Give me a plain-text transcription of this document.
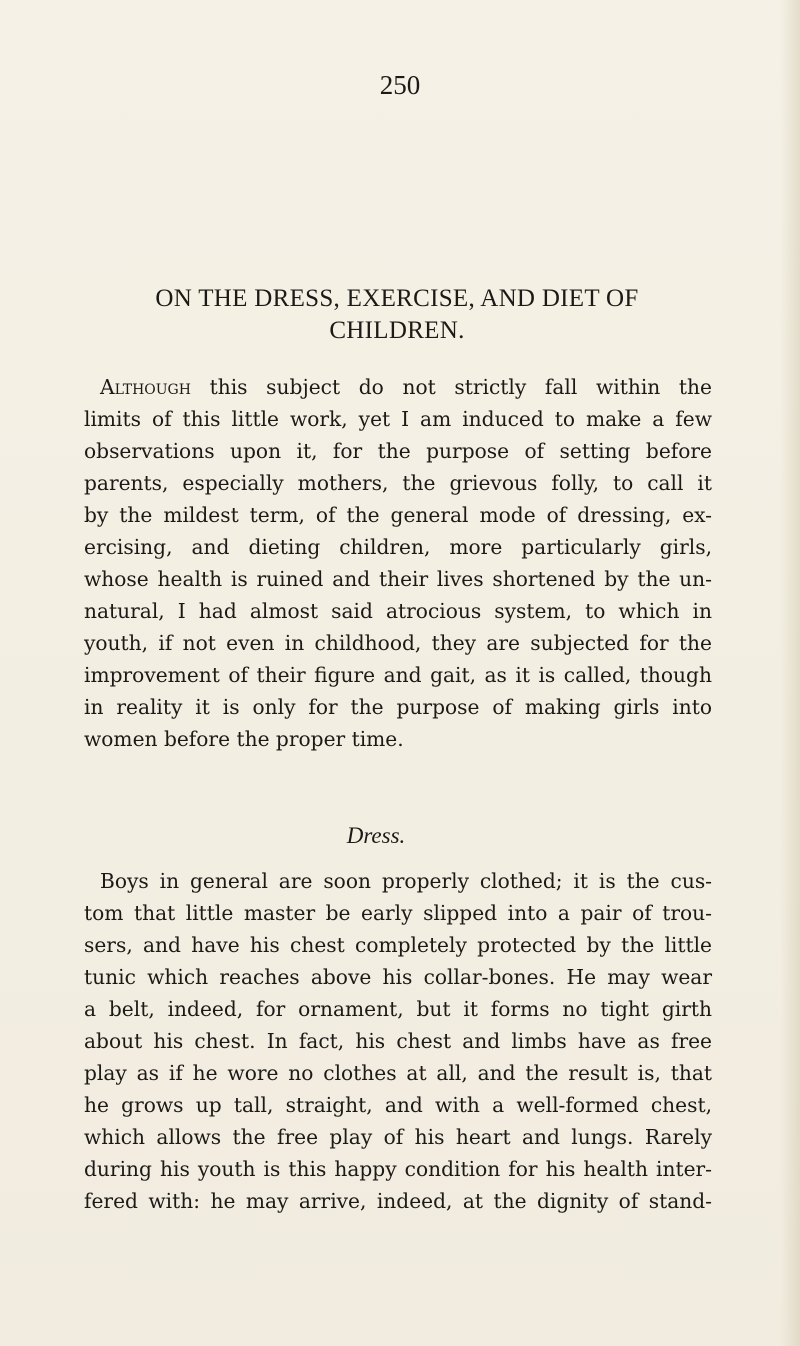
250
ON THE DRESS, EXERCISE, AND DIET OF
CHILDREN.
Although this subject do not strictly fall within the
limits of this little work, yet I am induced to make a few
observations upon it, for the purpose of setting before
parents, especially mothers, the grievous folly, to call it
by the mildest term, of the general mode of dressing, ex-
ercising, and dieting children, more particularly girls,
whose health is ruined and their lives shortened by the un-
natural, I had almost said atrocious system, to which in
youth, if not even in childhood, they are subjected for the
improvement of their figure and gait, as it is called, though
in reality it is only for the purpose of making girls into
women before the proper time.
Dress.
Boys in general are soon properly clothed; it is the cus-
tom that little master be early slipped into a pair of trou-
sers, and have his chest completely protected by the little
tunic which reaches above his collar-bones. He may wear
a belt, indeed, for ornament, but it forms no tight girth
about his chest. In fact, his chest and limbs have as free
play as if he wore no clothes at all, and the result is, that
he grows up tall, straight, and with a well-formed chest,
which allows the free play of his heart and lungs. Rarely
during his youth is this happy condition for his health inter-
fered with: he may arrive, indeed, at the dignity of stand-
